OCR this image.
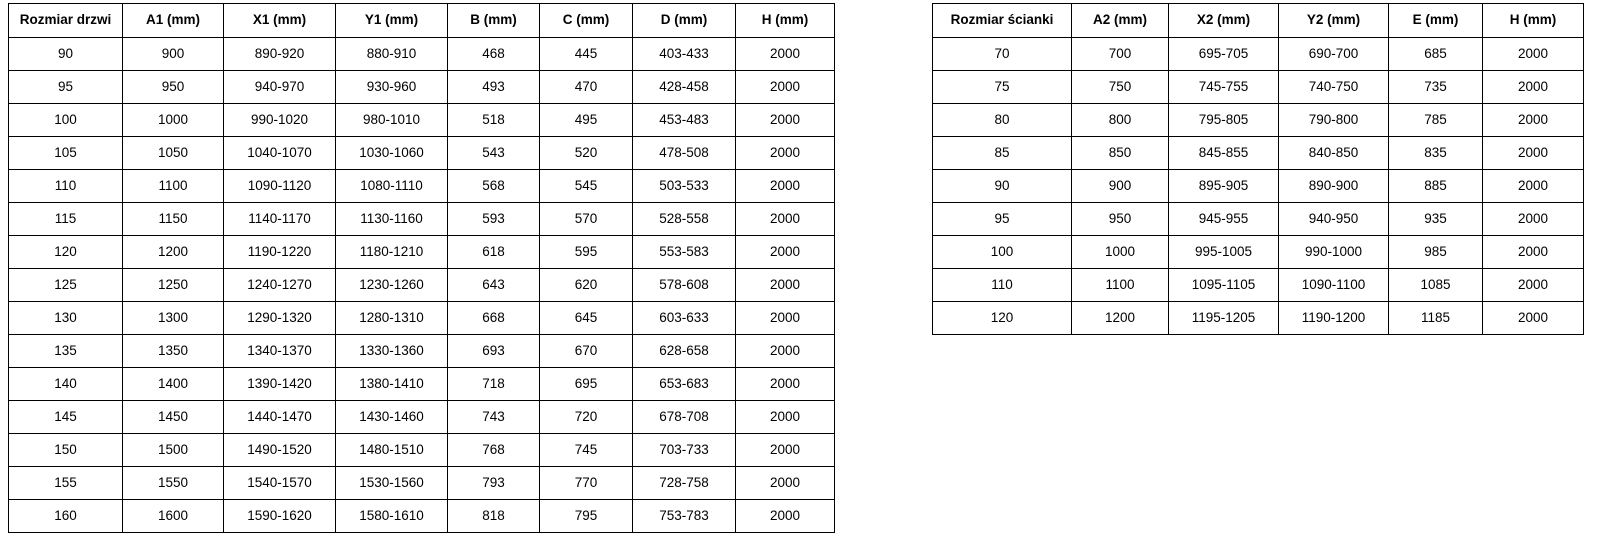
Rozmiar drzwi	A1 (mm)	X1 (mm)	Y1 (mm)	B (mm)	C (mm)	D (mm)	H (mm)
90	900	890-920	880-910	468	445	403-433	2000
95	950	940-970	930-960	493	470	428-458	2000
100	1000	990-1020	980-1010	518	495	453-483	2000
105	1050	1040-1070	1030-1060	543	520	478-508	2000
110	1100	1090-1120	1080-1110	568	545	503-533	2000
115	1150	1140-1170	1130-1160	593	570	528-558	2000
120	1200	1190-1220	1180-1210	618	595	553-583	2000
125	1250	1240-1270	1230-1260	643	620	578-608	2000
130	1300	1290-1320	1280-1310	668	645	603-633	2000
135	1350	1340-1370	1330-1360	693	670	628-658	2000
140	1400	1390-1420	1380-1410	718	695	653-683	2000
145	1450	1440-1470	1430-1460	743	720	678-708	2000
150	1500	1490-1520	1480-1510	768	745	703-733	2000
155	1550	1540-1570	1530-1560	793	770	728-758	2000
160	1600	1590-1620	1580-1610	818	795	753-783	2000
Rozmiar ścianki	A2 (mm)	X2 (mm)	Y2 (mm)	E (mm)	H (mm)
70	700	695-705	690-700	685	2000
75	750	745-755	740-750	735	2000
80	800	795-805	790-800	785	2000
85	850	845-855	840-850	835	2000
90	900	895-905	890-900	885	2000
95	950	945-955	940-950	935	2000
100	1000	995-1005	990-1000	985	2000
110	1100	1095-1105	1090-1100	1085	2000
120	1200	1195-1205	1190-1200	1185	2000
